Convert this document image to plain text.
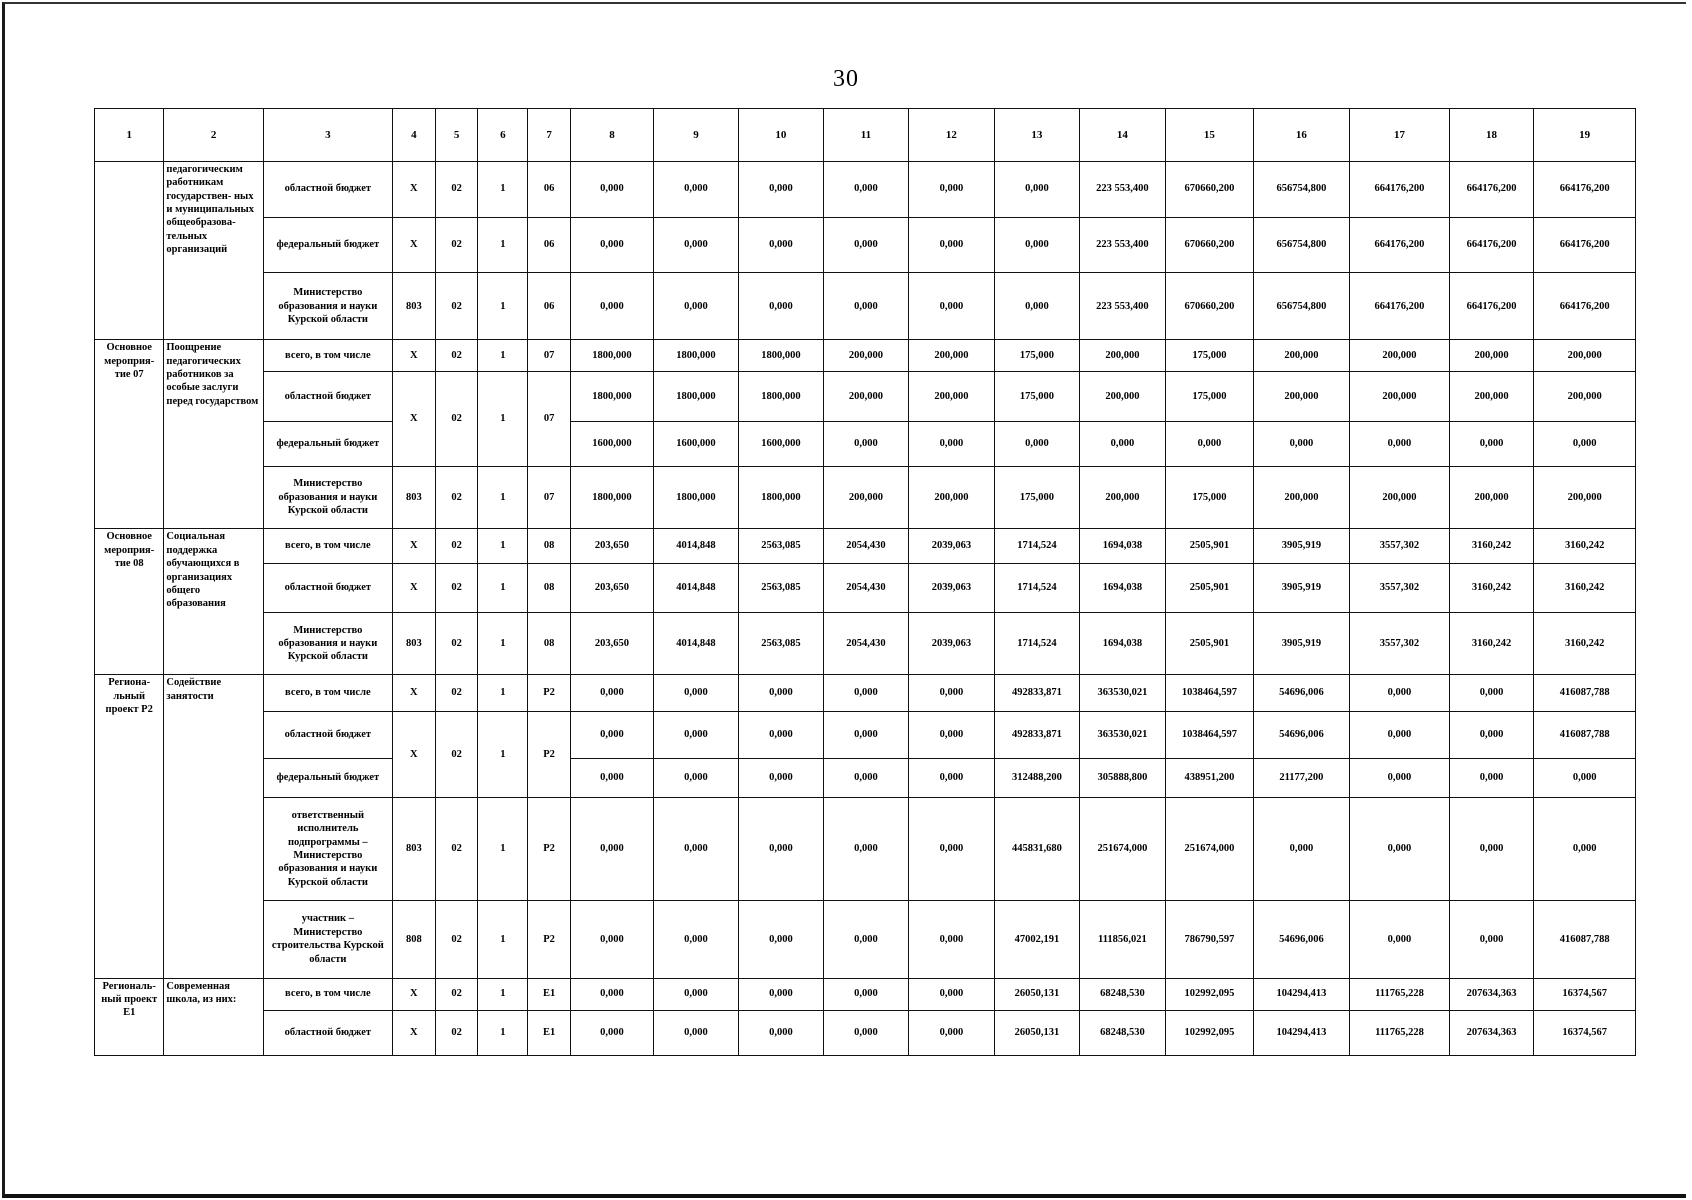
30
1	2	3	4	5	6	7	8	9	10	11	12	13	14	15	16	17	18	19
	педагогическим работникам государствен- ных и муниципальных общеобразова- тельных организаций	областной бюджет	X	02	1	06	0,000	0,000	0,000	0,000	0,000	0,000	223 553,400	670660,200	656754,800	664176,200	664176,200	664176,200
		федеральный бюджет	X	02	1	06	0,000	0,000	0,000	0,000	0,000	0,000	223 553,400	670660,200	656754,800	664176,200	664176,200	664176,200
		Министерство образования и науки Курской области	803	02	1	06	0,000	0,000	0,000	0,000	0,000	0,000	223 553,400	670660,200	656754,800	664176,200	664176,200	664176,200
Основное мероприя- тие 07	Поощрение педагогических работников за особые заслуги перед государством	всего, в том числе	X	02	1	07	1800,000	1800,000	1800,000	200,000	200,000	175,000	200,000	175,000	200,000	200,000	200,000	200,000
		областной бюджет	X	02	1	07	1800,000	1800,000	1800,000	200,000	200,000	175,000	200,000	175,000	200,000	200,000	200,000	200,000
		федеральный бюджет					1600,000	1600,000	1600,000	0,000	0,000	0,000	0,000	0,000	0,000	0,000	0,000	0,000
		Министерство образования и науки Курской области	803	02	1	07	1800,000	1800,000	1800,000	200,000	200,000	175,000	200,000	175,000	200,000	200,000	200,000	200,000
Основное мероприя- тие 08	Социальная поддержка обучающихся в организациях общего образования	всего, в том числе	X	02	1	08	203,650	4014,848	2563,085	2054,430	2039,063	1714,524	1694,038	2505,901	3905,919	3557,302	3160,242	3160,242
		областной бюджет	X	02	1	08	203,650	4014,848	2563,085	2054,430	2039,063	1714,524	1694,038	2505,901	3905,919	3557,302	3160,242	3160,242
		Министерство образования и науки Курской области	803	02	1	08	203,650	4014,848	2563,085	2054,430	2039,063	1714,524	1694,038	2505,901	3905,919	3557,302	3160,242	3160,242
Регионa- льный проект P2	Содействие занятости	всего, в том числе	X	02	1	P2	0,000	0,000	0,000	0,000	0,000	492833,871	363530,021	1038464,597	54696,006	0,000	0,000	416087,788
		областной бюджет	X	02	1	P2	0,000	0,000	0,000	0,000	0,000	492833,871	363530,021	1038464,597	54696,006	0,000	0,000	416087,788
		федеральный бюджет					0,000	0,000	0,000	0,000	0,000	312488,200	305888,800	438951,200	21177,200	0,000	0,000	0,000
		ответственный исполнитель подпрограммы – Министерство образования и науки Курской области	803	02	1	P2	0,000	0,000	0,000	0,000	0,000	445831,680	251674,000	251674,000	0,000	0,000	0,000	0,000
		участник – Министерство строительства Курской области	808	02	1	P2	0,000	0,000	0,000	0,000	0,000	47002,191	111856,021	786790,597	54696,006	0,000	0,000	416087,788
Региональ- ный проект E1	Современная школа, из них:	всего, в том числе	X	02	1	E1	0,000	0,000	0,000	0,000	0,000	26050,131	68248,530	102992,095	104294,413	111765,228	207634,363	16374,567
		областной бюджет	X	02	1	E1	0,000	0,000	0,000	0,000	0,000	26050,131	68248,530	102992,095	104294,413	111765,228	207634,363	16374,567
